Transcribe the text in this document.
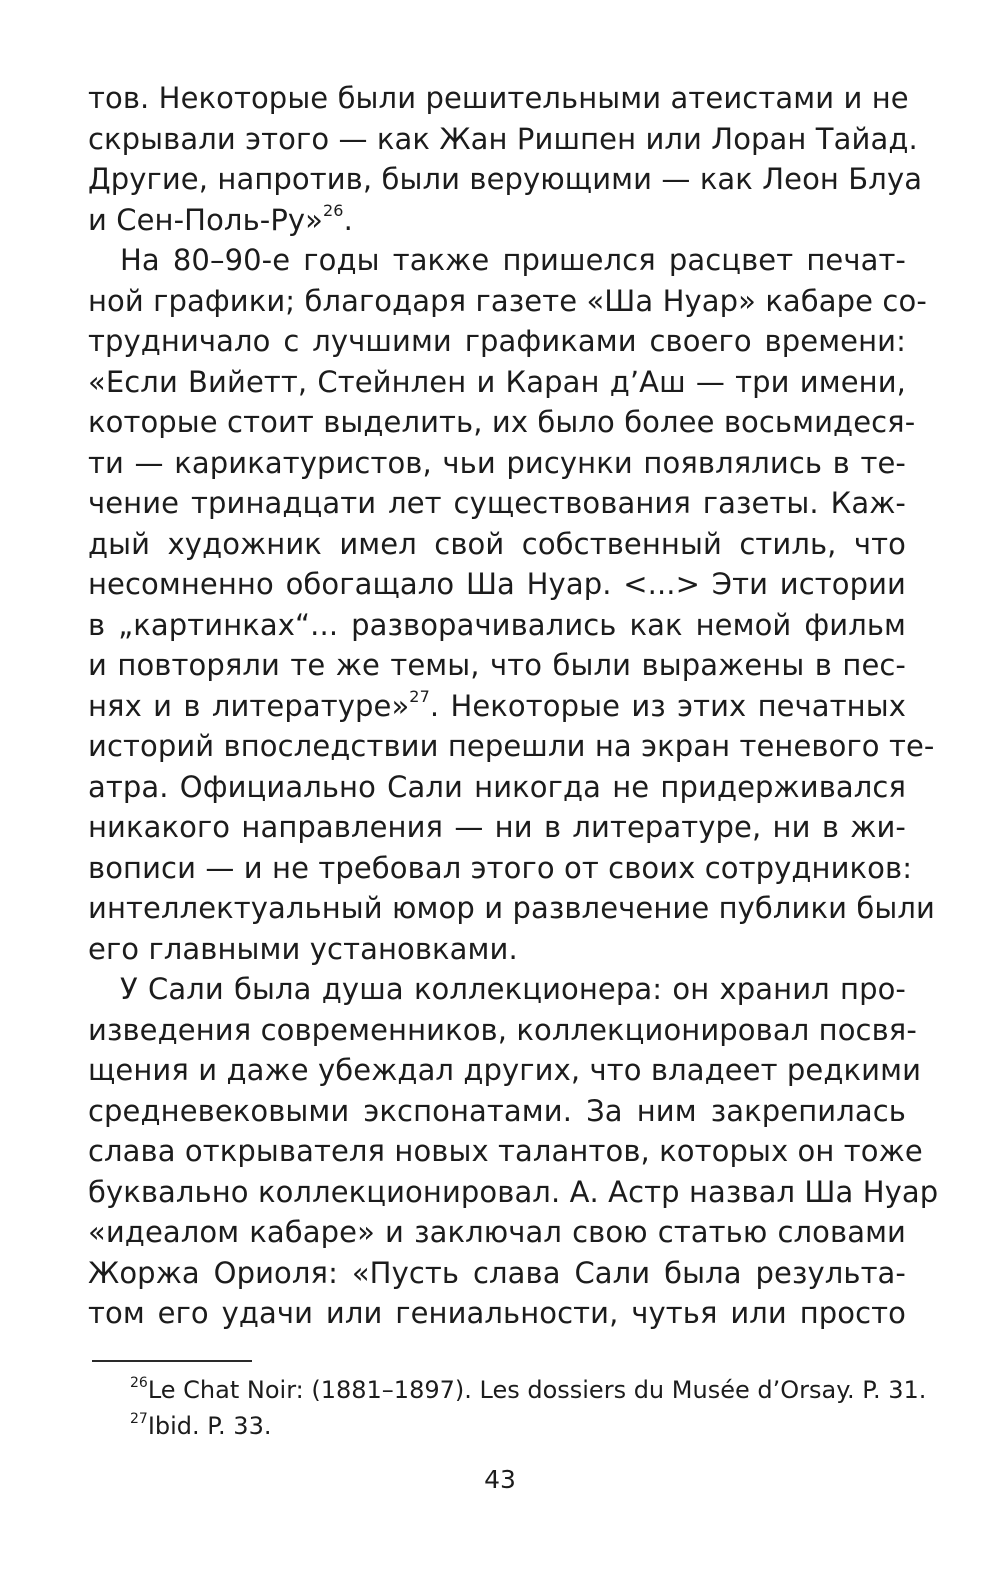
тов. Некоторые были решительными атеистами и не
скрывали этого — как Жан Ришпен или Лоран Тайад.
Другие, напротив, были верующими — как Леон Блуа
и Сен-Поль-Ру»$^{26}$.
На 80–90-е годы также пришелся расцвет печат-
ной графики; благодаря газете «Ша Нуар» кабаре со-
трудничало с лучшими графиками своего времени:
«Если Вийетт, Стейнлен и Каран д’Аш — три имени,
которые стоит выделить, их было более восьмидеся-
ти — карикатуристов, чьи рисунки появлялись в те-
чение тринадцати лет существования газеты. Каж-
дый художник имел свой собственный стиль, что
несомненно обогащало Ша Нуар. <...> Эти истории
в „картинках“... разворачивались как немой фильм
и повторяли те же темы, что были выражены в пес-
нях и в литературе»$^{27}$. Некоторые из этих печатных
историй впоследствии перешли на экран теневого те-
атра. Официально Сали никогда не придерживался
никакого направления — ни в литературе, ни в жи-
вописи — и не требовал этого от своих сотрудников:
интеллектуальный юмор и развлечение публики были
его главными установками.
У Сали была душа коллекционера: он хранил про-
изведения современников, коллекционировал посвя-
щения и даже убеждал других, что владеет редкими
средневековыми экспонатами. За ним закрепилась
слава открывателя новых талантов, которых он тоже
буквально коллекционировал. А. Астр назвал Ша Нуар
«идеалом кабаре» и заключал свою статью словами
Жоржа Ориоля: «Пусть слава Сали была результа-
том его удачи или гениальности, чутья или просто
$^{26}$Le Chat Noir: (1881–1897). Les dossiers du Musée d’Orsay. P. 31.
$^{27}$Ibid. P. 33.
43
